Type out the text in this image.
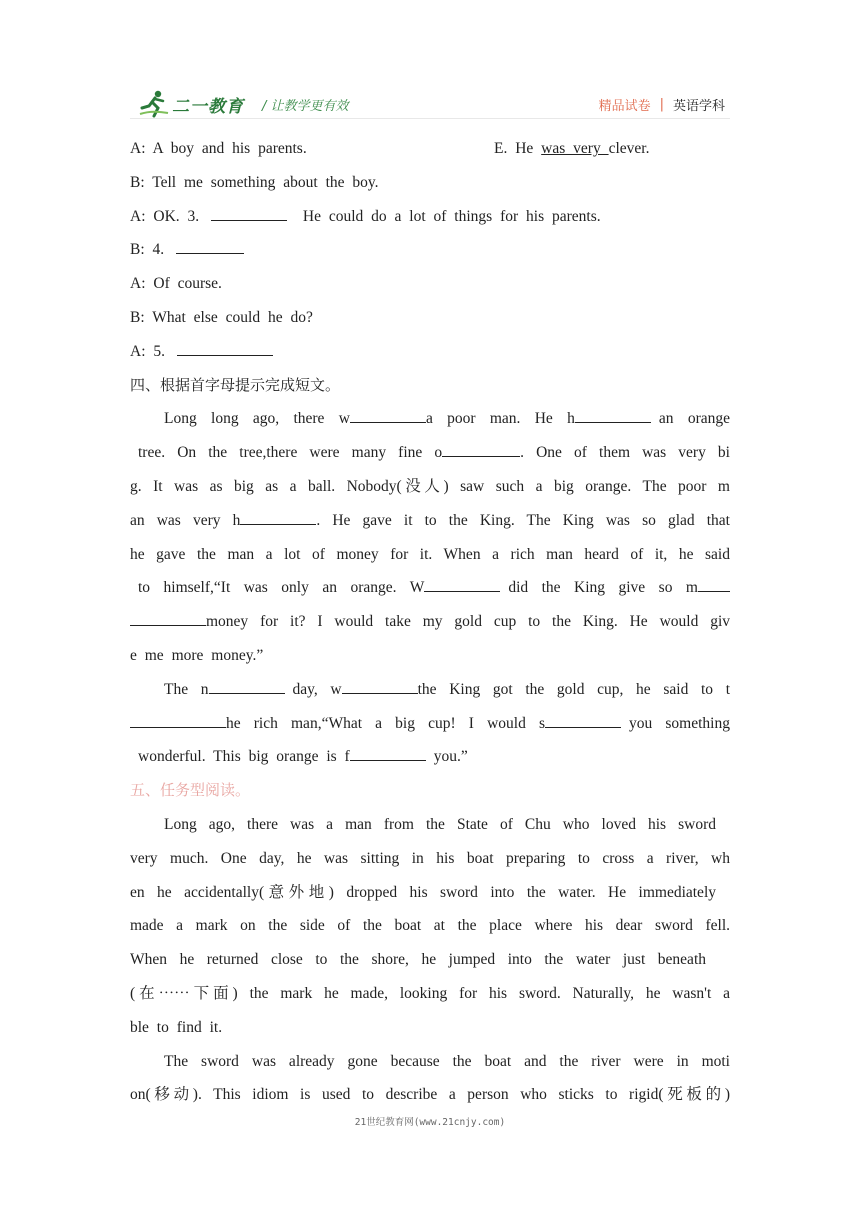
二一教育 / 让教学更有效	精品试卷 | 英语学科
A: A boy and his parents.	E. He was very clever.
B: Tell me something about the boy.
A: OK. 3.	He could do a lot of things for his parents.
B: 4.
A: Of course.
B: What else could he do?
A: 5.
四、根据首字母提示完成短文。
Long long ago, there w	a poor man. He h	an orange
tree. On the tree,there were many fine o	. One of them was very bi
g. It was as big as a ball. Nobody(没人) saw such a big orange. The poor m
an was very h	. He gave it to the King. The King was so glad that
he gave the man a lot of money for it. When a rich man heard of it, he said
to himself,“It was only an orange. W	did the King give so m
money for it? I would take my gold cup to the King. He would giv
e me more money.”
The n	day, w	the King got the gold cup, he said to t
he rich man,“What a big cup! I would s	you something
wonderful. This big orange is f	you.”
五、任务型阅读。
Long ago, there was a man from the State of Chu who loved his sword
very much. One day, he was sitting in his boat preparing to cross a river, wh
en he accidentally(意外地) dropped his sword into the water. He immediately
made a mark on the side of the boat at the place where his dear sword fell.
When he returned close to the shore, he jumped into the water just beneath
(在⋯⋯下面) the mark he made, looking for his sword. Naturally, he wasn't a
ble to find it.
The sword was already gone because the boat and the river were in moti
on(移动). This idiom is used to describe a person who sticks to rigid(死板的)
21世纪教育网(www.21cnjy.com)
